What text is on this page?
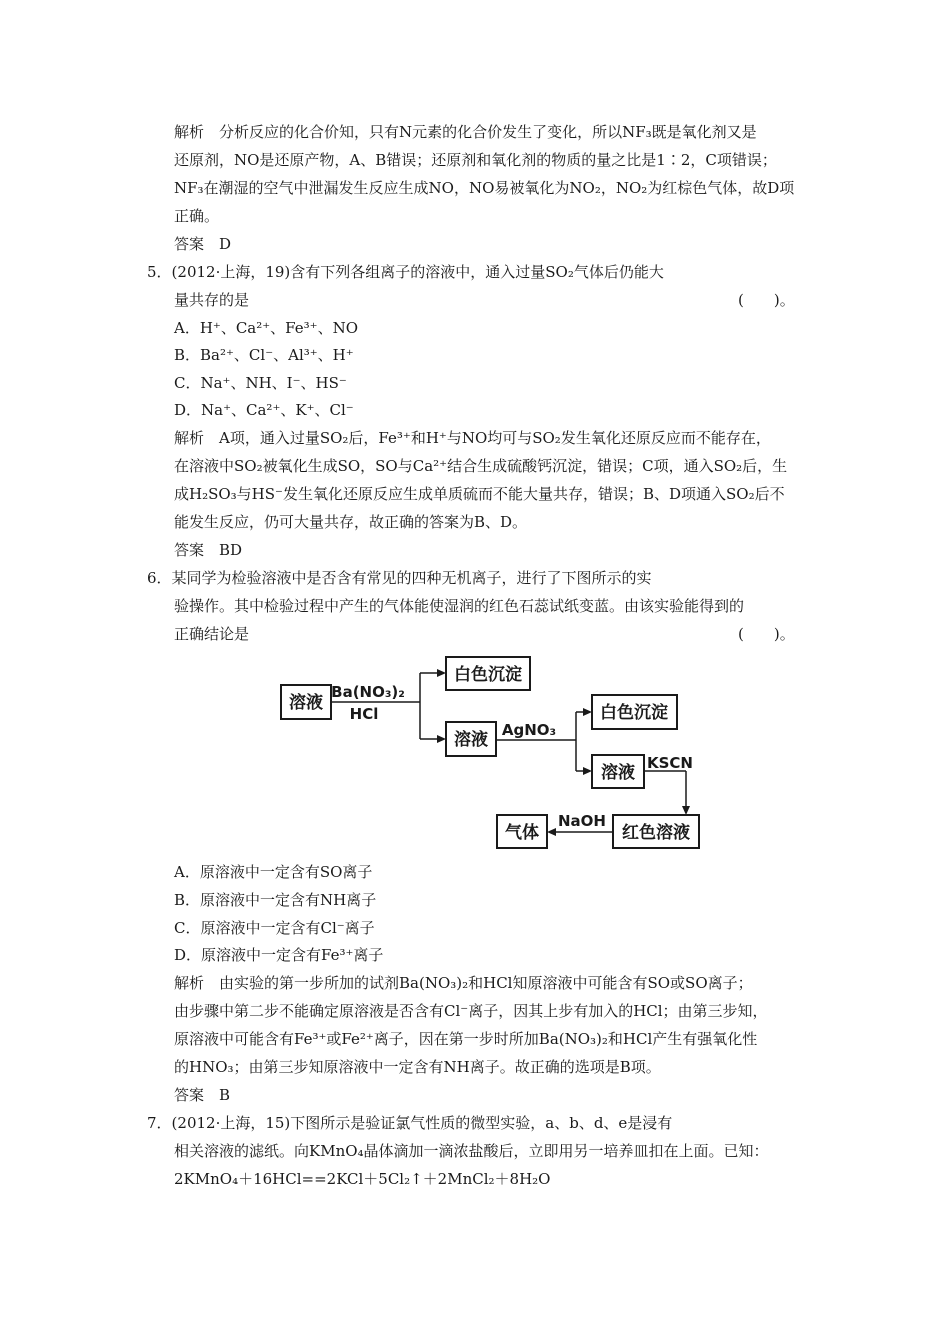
解析　分析反应的化合价知，只有N元素的化合价发生了变化，所以NF₃既是氧化剂又是
还原剂，NO是还原产物，A、B错误；还原剂和氧化剂的物质的量之比是1∶2，C项错误；
NF₃在潮湿的空气中泄漏发生反应生成NO，NO易被氧化为NO₂，NO₂为红棕色气体，故D项
正确。
答案　D
5．(2012·上海，19)含有下列各组离子的溶液中，通入过量SO₂气体后仍能大
量共存的是	(　　)。
A．H⁺、Ca²⁺、Fe³⁺、NO
B．Ba²⁺、Cl⁻、Al³⁺、H⁺
C．Na⁺、NH、I⁻、HS⁻
D．Na⁺、Ca²⁺、K⁺、Cl⁻
解析　A项，通入过量SO₂后，Fe³⁺和H⁺与NO均可与SO₂发生氧化还原反应而不能存在，
在溶液中SO₂被氧化生成SO，SO与Ca²⁺结合生成硫酸钙沉淀，错误；C项，通入SO₂后，生
成H₂SO₃与HS⁻发生氧化还原反应生成单质硫而不能大量共存，错误；B、D项通入SO₂后不
能发生反应，仍可大量共存，故正确的答案为B、D。
答案　BD
6．某同学为检验溶液中是否含有常见的四种无机离子，进行了下图所示的实
验操作。其中检验过程中产生的气体能使湿润的红色石蕊试纸变蓝。由该实验能得到的
正确结论是	(　　)。
溶液
白色沉淀
溶液
白色沉淀
溶液
红色溶液
气体
Ba(NO₃)₂
HCl
AgNO₃
KSCN
NaOH
A．原溶液中一定含有SO离子
B．原溶液中一定含有NH离子
C．原溶液中一定含有Cl⁻离子
D．原溶液中一定含有Fe³⁺离子
解析　由实验的第一步所加的试剂Ba(NO₃)₂和HCl知原溶液中可能含有SO或SO离子；
由步骤中第二步不能确定原溶液是否含有Cl⁻离子，因其上步有加入的HCl；由第三步知，
原溶液中可能含有Fe³⁺或Fe²⁺离子，因在第一步时所加Ba(NO₃)₂和HCl产生有强氧化性
的HNO₃；由第三步知原溶液中一定含有NH离子。故正确的选项是B项。
答案　B
7．(2012·上海，15)下图所示是验证氯气性质的微型实验，a、b、d、e是浸有
相关溶液的滤纸。向KMnO₄晶体滴加一滴浓盐酸后，立即用另一培养皿扣在上面。已知：
2KMnO₄＋16HCl==2KCl＋5Cl₂↑＋2MnCl₂＋8H₂O
